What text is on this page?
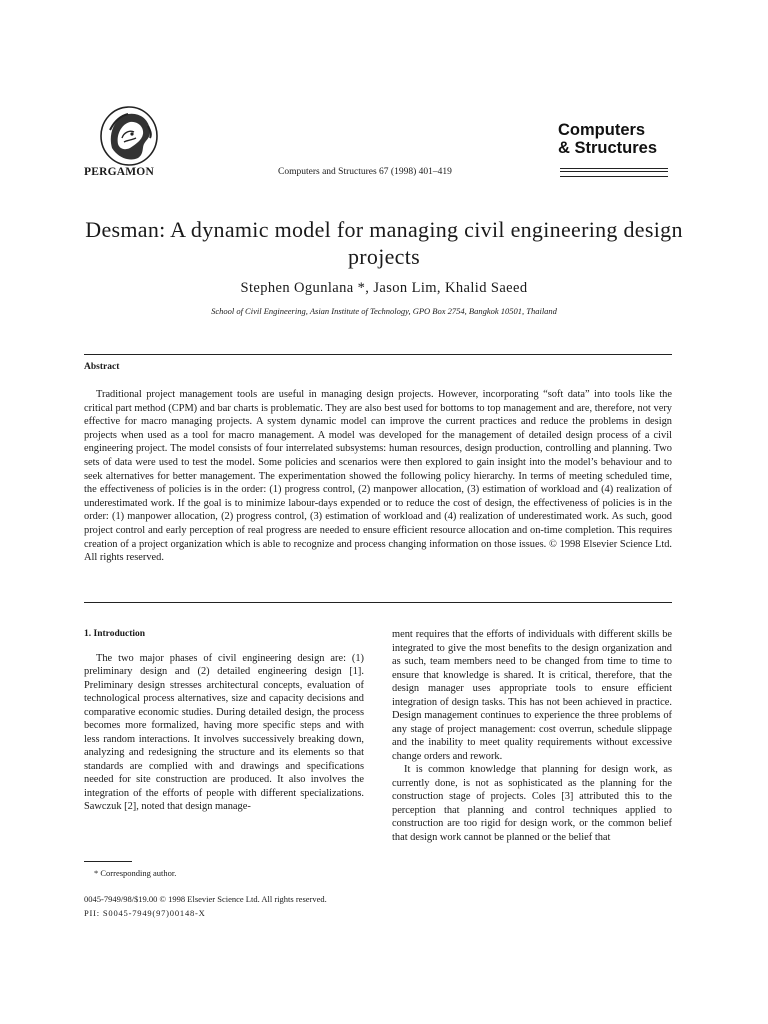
PERGAMON	Computers and Structures 67 (1998) 401–419
Computers
& Structures
Desman: A dynamic model for managing civil engineering design projects
Stephen Ogunlana *, Jason Lim, Khalid Saeed
School of Civil Engineering, Asian Institute of Technology, GPO Box 2754, Bangkok 10501, Thailand
Abstract
Traditional project management tools are useful in managing design projects. However, incorporating “soft data” into tools like the critical part method (CPM) and bar charts is problematic. They are also best used for bottoms to top management and are, therefore, not very effective for macro managing projects. A system dynamic model can improve the current practices and reduce the problems in design projects when used as a tool for macro management. A model was developed for the management of detailed design process of a civil engineering project. The model consists of four interrelated subsystems: human resources, design production, controlling and planning. Two sets of data were used to test the model. Some policies and scenarios were then explored to gain insight into the model’s behaviour and to seek alternatives for better management. The experimentation showed the following policy hierarchy. In terms of meeting scheduled time, the effectiveness of policies is in the order: (1) progress control, (2) manpower allocation, (3) estimation of workload and (4) realization of underestimated work. If the goal is to minimize labour-days expended or to reduce the cost of design, the effectiveness of policies is in the order: (1) manpower allocation, (2) progress control, (3) estimation of workload and (4) realization of underestimated work. As such, good project control and early perception of real progress are needed to ensure efficient resource allocation and on-time completion. This requires creation of a project organization which is able to recognize and process changing information on those issues. © 1998 Elsevier Science Ltd. All rights reserved.
1. Introduction

The two major phases of civil engineering design are: (1) preliminary design and (2) detailed engineering design [1]. Preliminary design stresses architectural concepts, evaluation of technological process alternatives, size and capacity decisions and comparative economic studies. During detailed design, the process becomes more formalized, having more specific steps and with less random interactions. It involves successively breaking down, analyzing and redesigning the structure and its elements so that standards are complied with and drawings and specifications needed for site construction are produced. It also involves the integration of the efforts of people with different specializations. Sawczuk [2], noted that design manage-

ment requires that the efforts of individuals with different skills be integrated to give the most benefits to the design organization and as such, team members need to be changed from time to time to ensure that knowledge is shared. It is critical, therefore, that the design manager uses appropriate tools to ensure efficient integration of design tasks. This has not been achieved in practice. Design management continues to experience the three problems of any stage of project management: cost overrun, schedule slippage and the inability to meet quality requirements without excessive change orders and rework.

It is common knowledge that planning for design work, as currently done, is not as sophisticated as the planning for the construction stage of projects. Coles [3] attributed this to the perception that planning and control techniques applied to construction are too rigid for design work, or the common belief that design work cannot be planned or the belief that

* Corresponding author.
0045-7949/98/$19.00 © 1998 Elsevier Science Ltd. All rights reserved.
PII: S0045-7949(97)00148-X
